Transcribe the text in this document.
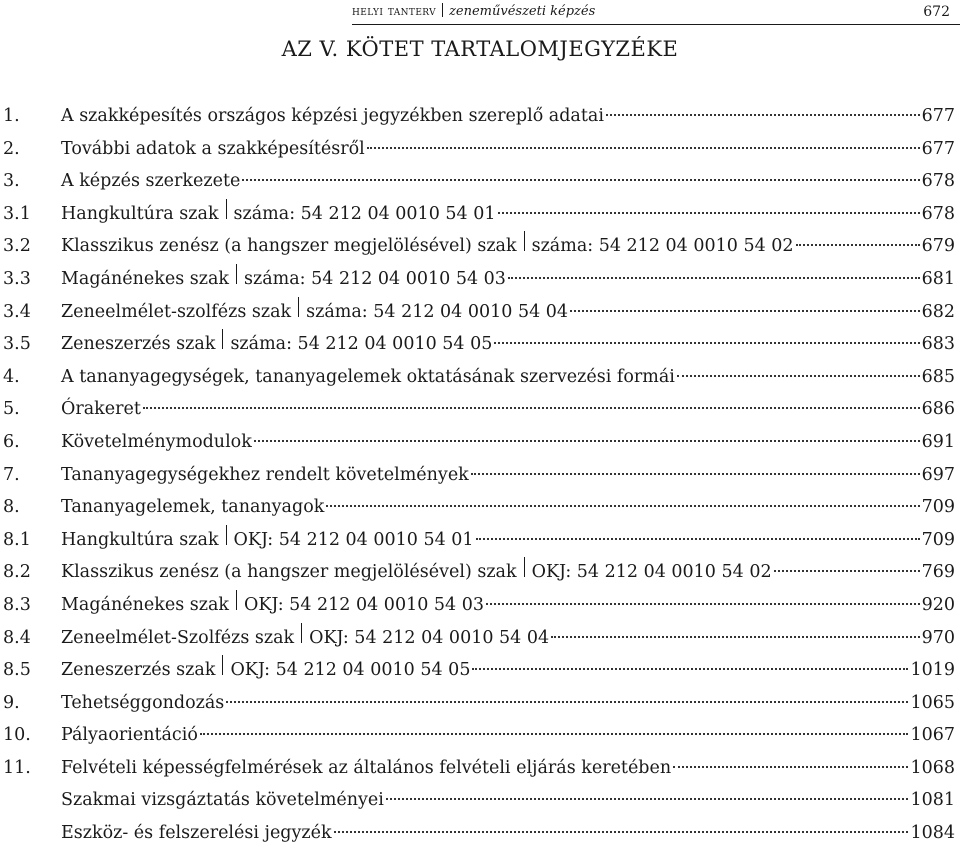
helyi tanterv zeneművészeti képzés	672
AZ V. KÖTET TARTALOMJEGYZÉKE
1. A szakképesítés országos képzési jegyzékben szereplő adatai	677
2. További adatok a szakképesítésről	677
3. A képzés szerkezete	678
3.1 Hangkultúra szak száma: 54 212 04 0010 54 01	678
3.2 Klasszikus zenész (a hangszer megjelölésével) szak száma: 54 212 04 0010 54 02	679
3.3 Magánénekes szak száma: 54 212 04 0010 54 03	681
3.4 Zeneelmélet-szolfézs szak száma: 54 212 04 0010 54 04	682
3.5 Zeneszerzés szak száma: 54 212 04 0010 54 05	683
4. A tananyagegységek, tananyagelemek oktatásának szervezési formái	685
5. Órakeret	686
6. Követelménymodulok	691
7. Tananyagegységekhez rendelt követelmények	697
8. Tananyagelemek, tananyagok	709
8.1 Hangkultúra szak OKJ: 54 212 04 0010 54 01	709
8.2 Klasszikus zenész (a hangszer megjelölésével) szak OKJ: 54 212 04 0010 54 02	769
8.3 Magánénekes szak OKJ: 54 212 04 0010 54 03	920
8.4 Zeneelmélet-Szolfézs szak OKJ: 54 212 04 0010 54 04	970
8.5 Zeneszerzés szak OKJ: 54 212 04 0010 54 05	1019
9. Tehetséggondozás	1065
10. Pályaorientáció	1067
11. Felvételi képességfelmérések az általános felvételi eljárás keretében	1068
Szakmai vizsgáztatás követelményei	1081
Eszköz- és felszerelési jegyzék	1084
